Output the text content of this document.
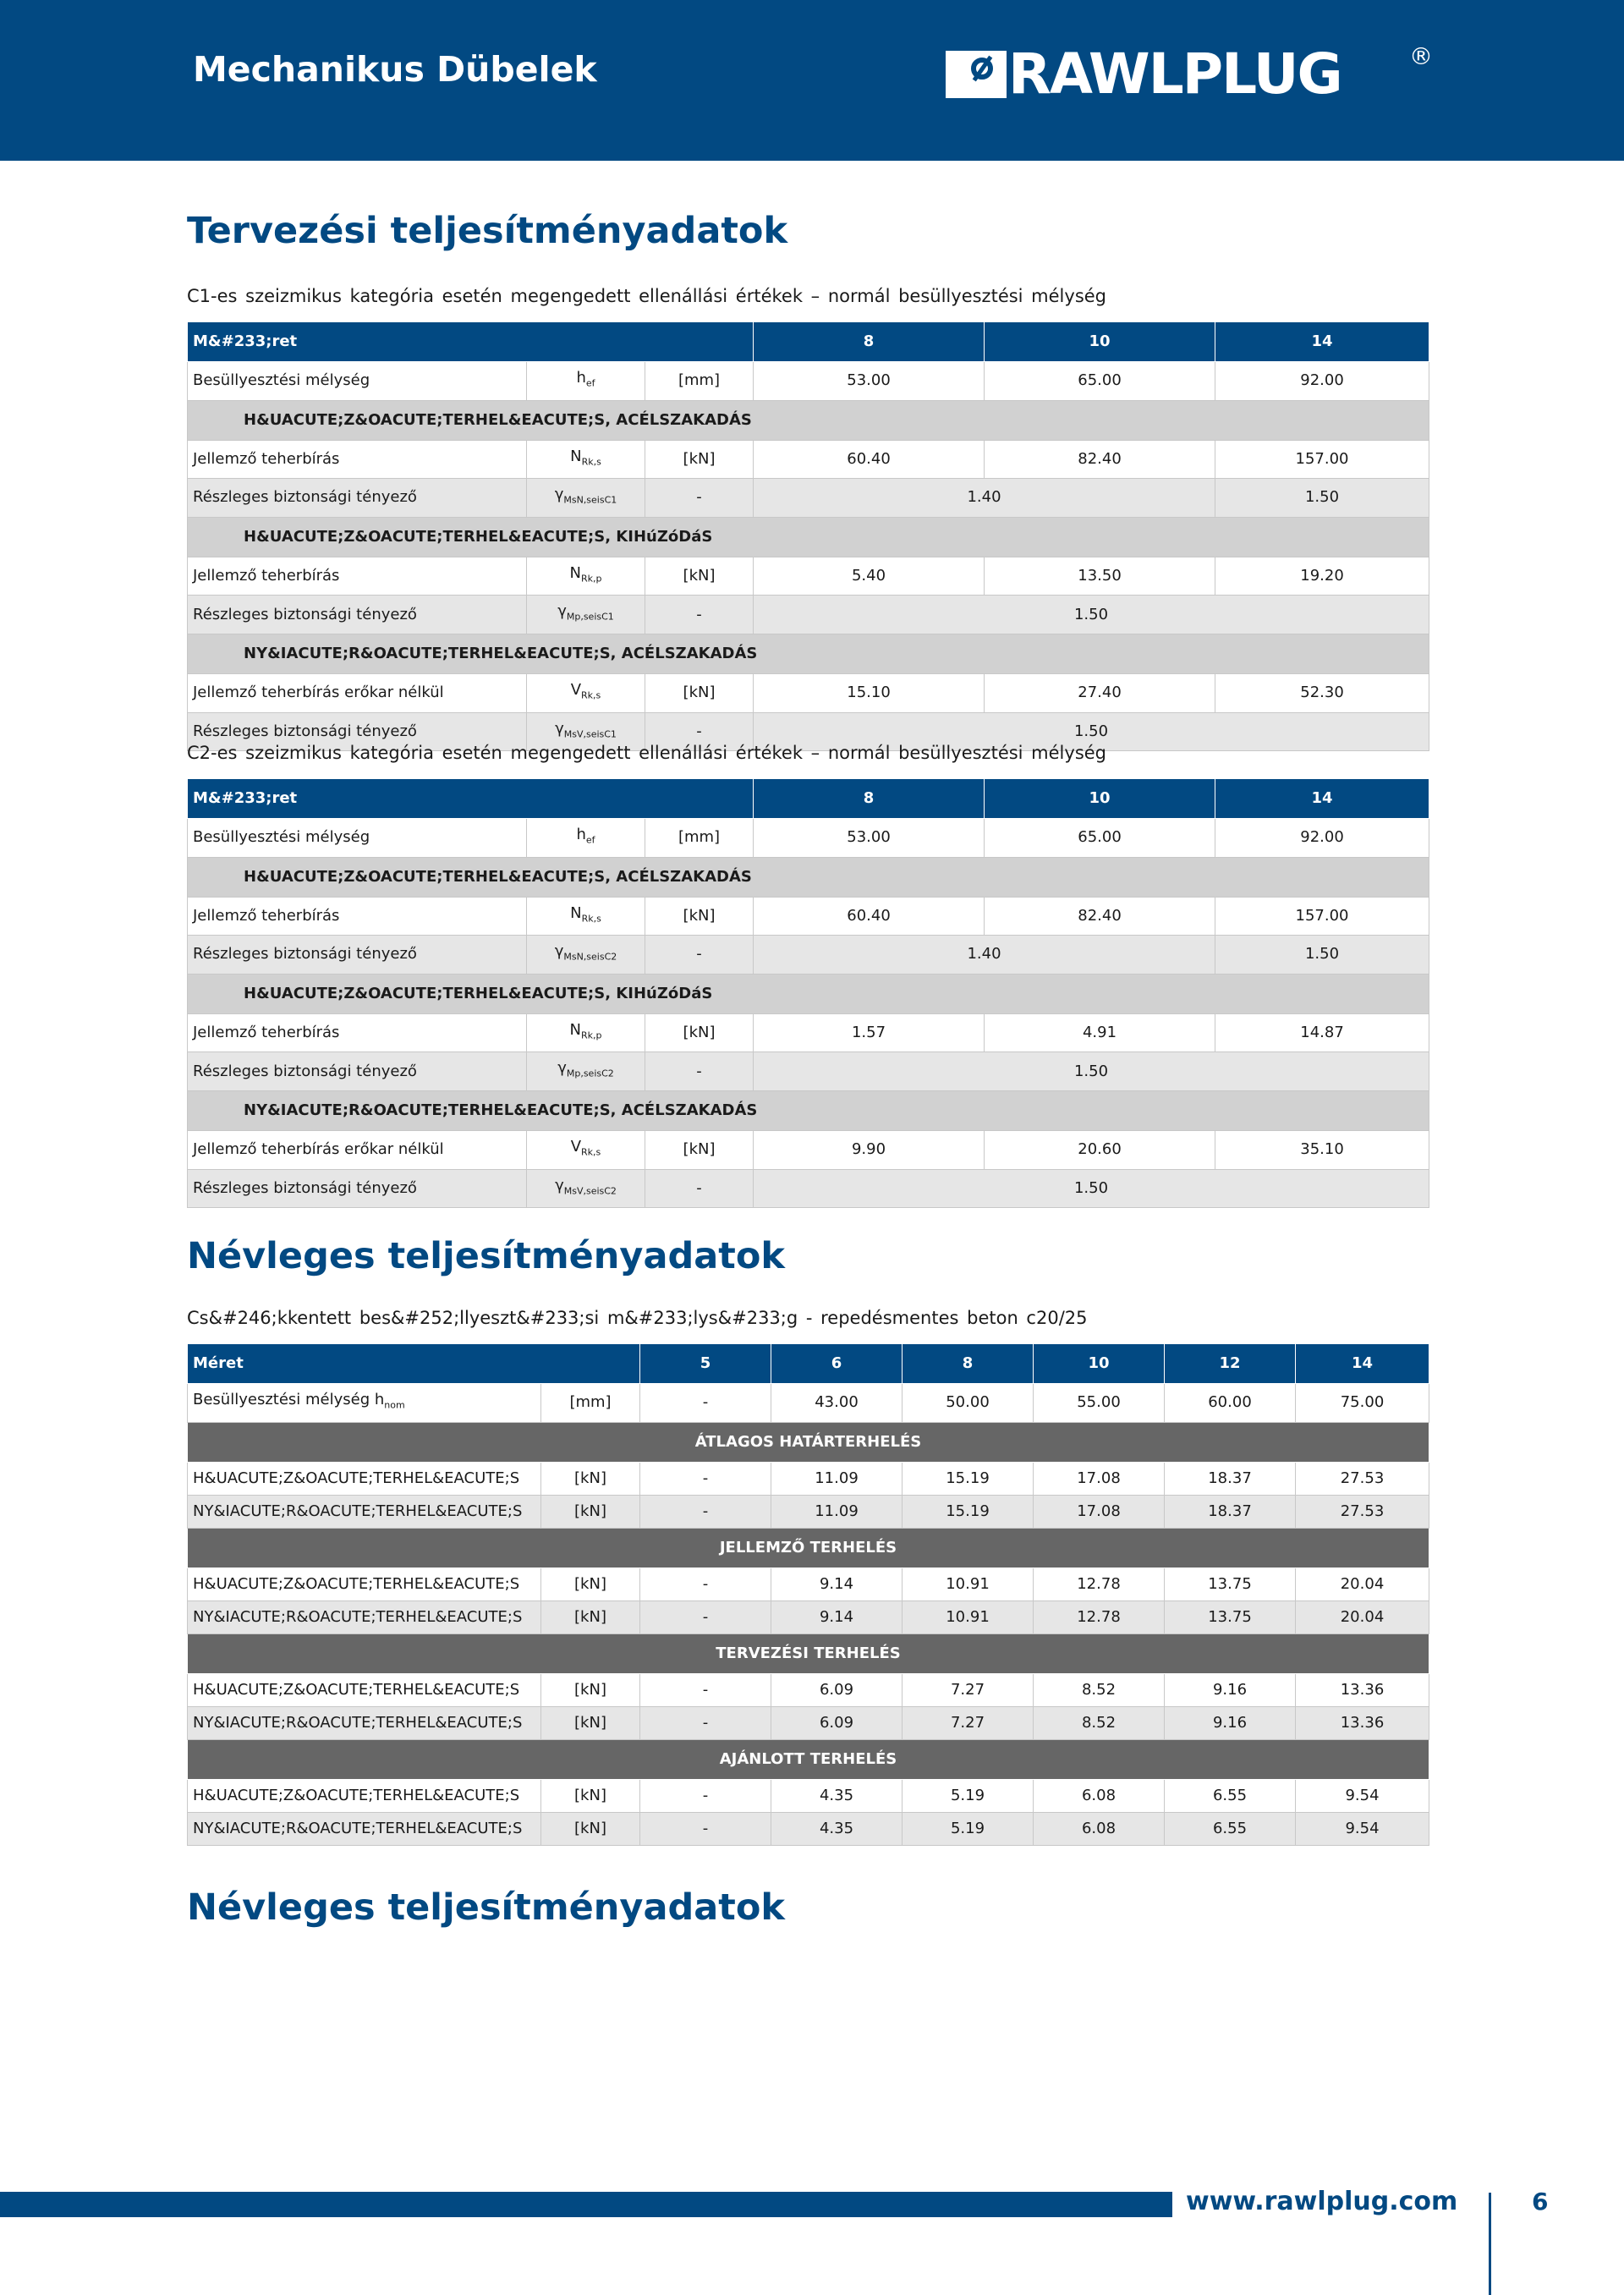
Mechanikus Dübelek	RAWLPLUG	®
Tervezési teljesítményadatok
C1-es szeizmikus kategória esetén megengedett ellenállási értékek – normál besüllyesztési mélység
M&#233;ret			8	10	14
Besüllyesztési mélység	$h_{ef}$	[mm]	53.00	65.00	92.00
H&UACUTE;Z&OACUTE;TERHEL&EACUTE;S, ACÉLSZAKADÁS					
Jellemző teherbírás	$N_{Rk,s}$	[kN]	60.40	82.40	157.00
Részleges biztonsági tényező	$\gamma_{MsN,seisC1}$	-	1.40		1.50
H&UACUTE;Z&OACUTE;TERHEL&EACUTE;S, KIHúZóDáS					
Jellemző teherbírás	$N_{Rk,p}$	[kN]	5.40	13.50	19.20
Részleges biztonsági tényező	$\gamma_{Mp,seisC1}$	-	1.50		
NY&IACUTE;R&OACUTE;TERHEL&EACUTE;S, ACÉLSZAKADÁS					
Jellemző teherbírás erőkar nélkül	$V_{Rk,s}$	[kN]	15.10	27.40	52.30
Részleges biztonsági tényező	$\gamma_{MsV,seisC1}$	-	1.50		
C2-es szeizmikus kategória esetén megengedett ellenállási értékek – normál besüllyesztési mélység
M&#233;ret			8	10	14
Besüllyesztési mélység	$h_{ef}$	[mm]	53.00	65.00	92.00
H&UACUTE;Z&OACUTE;TERHEL&EACUTE;S, ACÉLSZAKADÁS					
Jellemző teherbírás	$N_{Rk,s}$	[kN]	60.40	82.40	157.00
Részleges biztonsági tényező	$\gamma_{MsN,seisC2}$	-	1.40		1.50
H&UACUTE;Z&OACUTE;TERHEL&EACUTE;S, KIHúZóDáS					
Jellemző teherbírás	$N_{Rk,p}$	[kN]	1.57	4.91	14.87
Részleges biztonsági tényező	$\gamma_{Mp,seisC2}$	-	1.50		
NY&IACUTE;R&OACUTE;TERHEL&EACUTE;S, ACÉLSZAKADÁS					
Jellemző teherbírás erőkar nélkül	$V_{Rk,s}$	[kN]	9.90	20.60	35.10
Részleges biztonsági tényező	$\gamma_{MsV,seisC2}$	-	1.50		
Névleges teljesítményadatok
Cs&#246;kkentett bes&#252;llyeszt&#233;si m&#233;lys&#233;g - repedésmentes beton c20/25
Méret		5	6	8	10	12	14
Besüllyesztési mélység $h_{nom}$	[mm]	-	43.00	50.00	55.00	60.00	75.00
ÁTLAGOS HATÁRTERHELÉS							
H&UACUTE;Z&OACUTE;TERHEL&EACUTE;S	[kN]	-	11.09	15.19	17.08	18.37	27.53
NY&IACUTE;R&OACUTE;TERHEL&EACUTE;S	[kN]	-	11.09	15.19	17.08	18.37	27.53
JELLEMZŐ TERHELÉS							
H&UACUTE;Z&OACUTE;TERHEL&EACUTE;S	[kN]	-	9.14	10.91	12.78	13.75	20.04
NY&IACUTE;R&OACUTE;TERHEL&EACUTE;S	[kN]	-	9.14	10.91	12.78	13.75	20.04
TERVEZÉSI TERHELÉS							
H&UACUTE;Z&OACUTE;TERHEL&EACUTE;S	[kN]	-	6.09	7.27	8.52	9.16	13.36
NY&IACUTE;R&OACUTE;TERHEL&EACUTE;S	[kN]	-	6.09	7.27	8.52	9.16	13.36
AJÁNLOTT TERHELÉS							
H&UACUTE;Z&OACUTE;TERHEL&EACUTE;S	[kN]	-	4.35	5.19	6.08	6.55	9.54
NY&IACUTE;R&OACUTE;TERHEL&EACUTE;S	[kN]	-	4.35	5.19	6.08	6.55	9.54
Névleges teljesítményadatok
www.rawlplug.com	6
